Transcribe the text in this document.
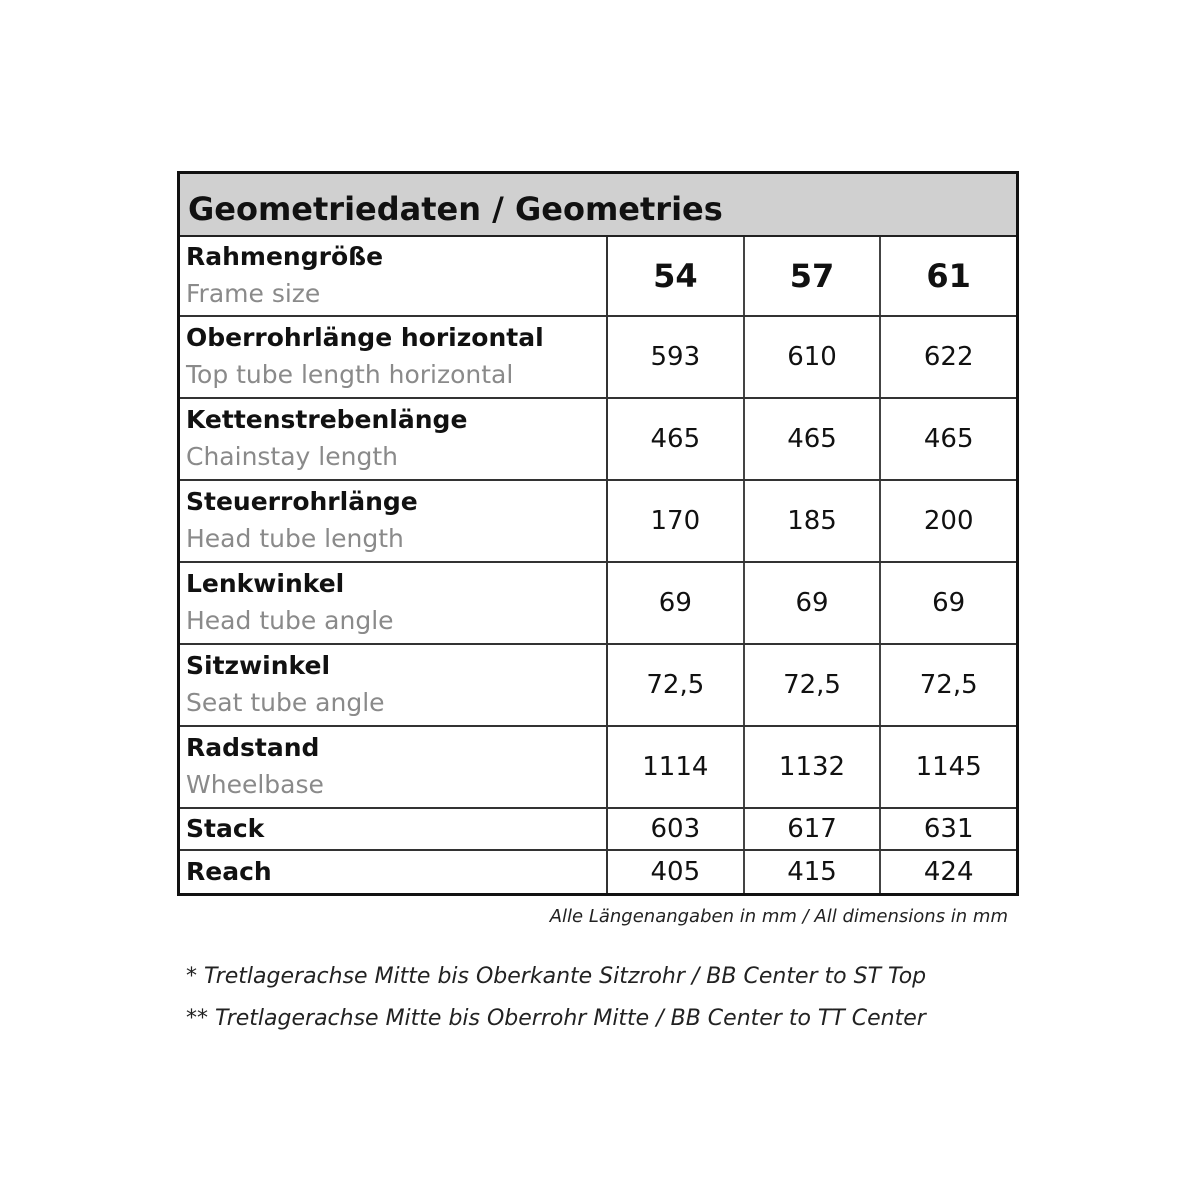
Geometriedaten / Geometries
Rahmengröße
Frame size	54	57	61
Oberrohrlänge horizontal
Top tube length horizontal
593	610	622
Kettenstrebenlänge
Chainstay length
465	465	465
Steuerrohrlänge
Head tube length
170	185	200
Lenkwinkel
Head tube angle
69	69	69
Sitzwinkel
Seat tube angle
72,5	72,5	72,5
Radstand
Wheelbase
1114	1132	1145
Stack	603	617	631
Reach	405	415	424
Alle Längenangaben in mm / All dimensions in mm
* Tretlagerachse Mitte bis Oberkante Sitzrohr / BB Center to ST Top
** Tretlagerachse Mitte bis Oberrohr Mitte / BB Center to TT Center
